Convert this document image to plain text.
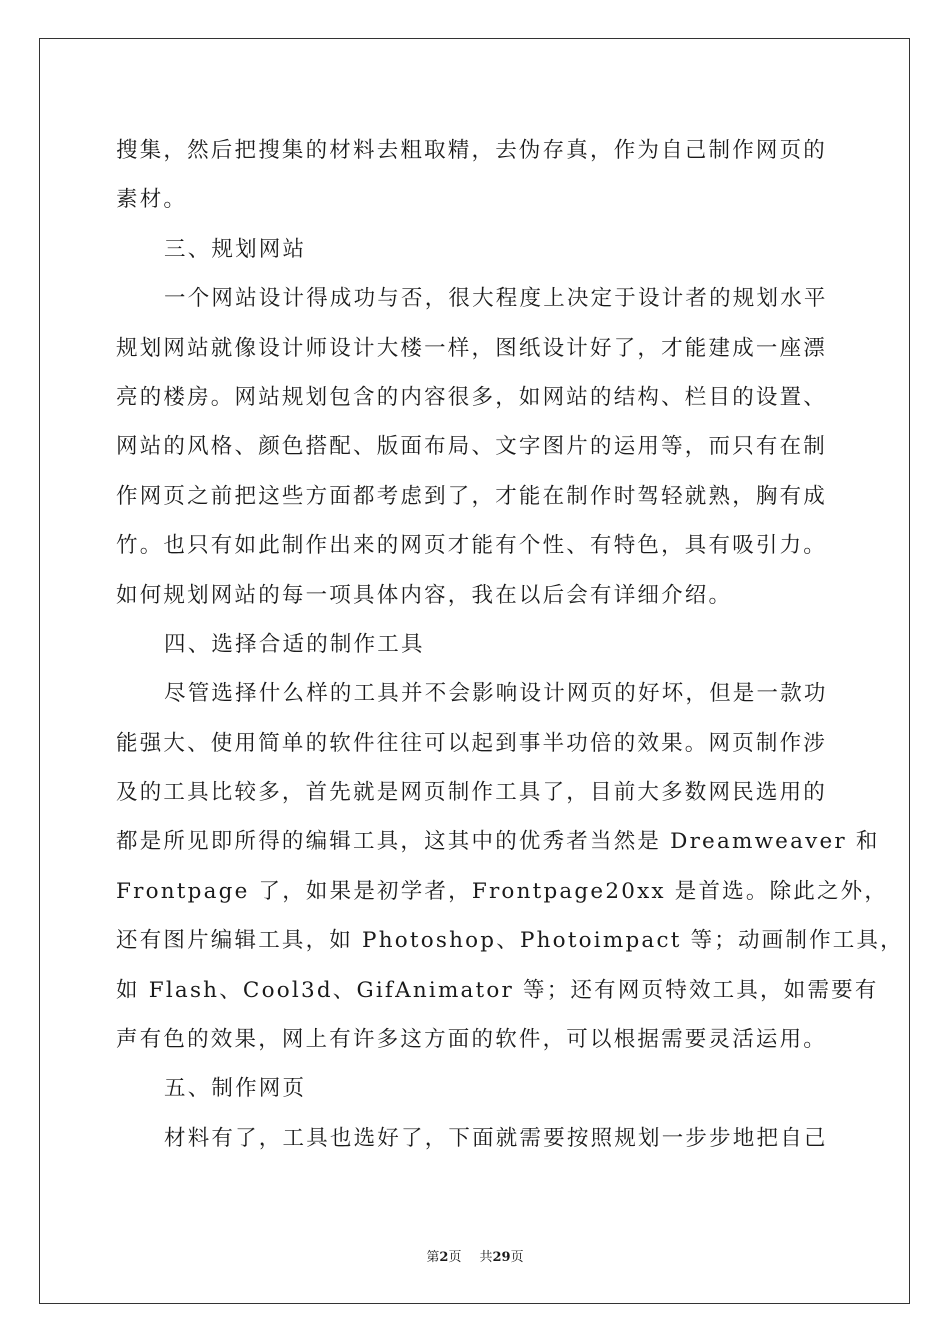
搜集，然后把搜集的材料去粗取精，去伪存真，作为自己制作网页的
素材。
三、规划网站
一个网站设计得成功与否，很大程度上决定于设计者的规划水平
规划网站就像设计师设计大楼一样，图纸设计好了，才能建成一座漂
亮的楼房。网站规划包含的内容很多，如网站的结构、栏目的设置、
网站的风格、颜色搭配、版面布局、文字图片的运用等，而只有在制
作网页之前把这些方面都考虑到了，才能在制作时驾轻就熟，胸有成
竹。也只有如此制作出来的网页才能有个性、有特色，具有吸引力。
如何规划网站的每一项具体内容，我在以后会有详细介绍。
四、选择合适的制作工具
尽管选择什么样的工具并不会影响设计网页的好坏，但是一款功
能强大、使用简单的软件往往可以起到事半功倍的效果。网页制作涉
及的工具比较多，首先就是网页制作工具了，目前大多数网民选用的
都是所见即所得的编辑工具，这其中的优秀者当然是 Dreamweaver 和
Frontpage 了，如果是初学者，Frontpage20xx 是首选。除此之外，
还有图片编辑工具，如 Photoshop、Photoimpact 等；动画制作工具，
如 Flash、Cool3d、GifAnimator 等；还有网页特效工具，如需要有
声有色的效果，网上有许多这方面的软件，可以根据需要灵活运用。
五、制作网页
材料有了，工具也选好了，下面就需要按照规划一步步地把自己
第2页 共29页
